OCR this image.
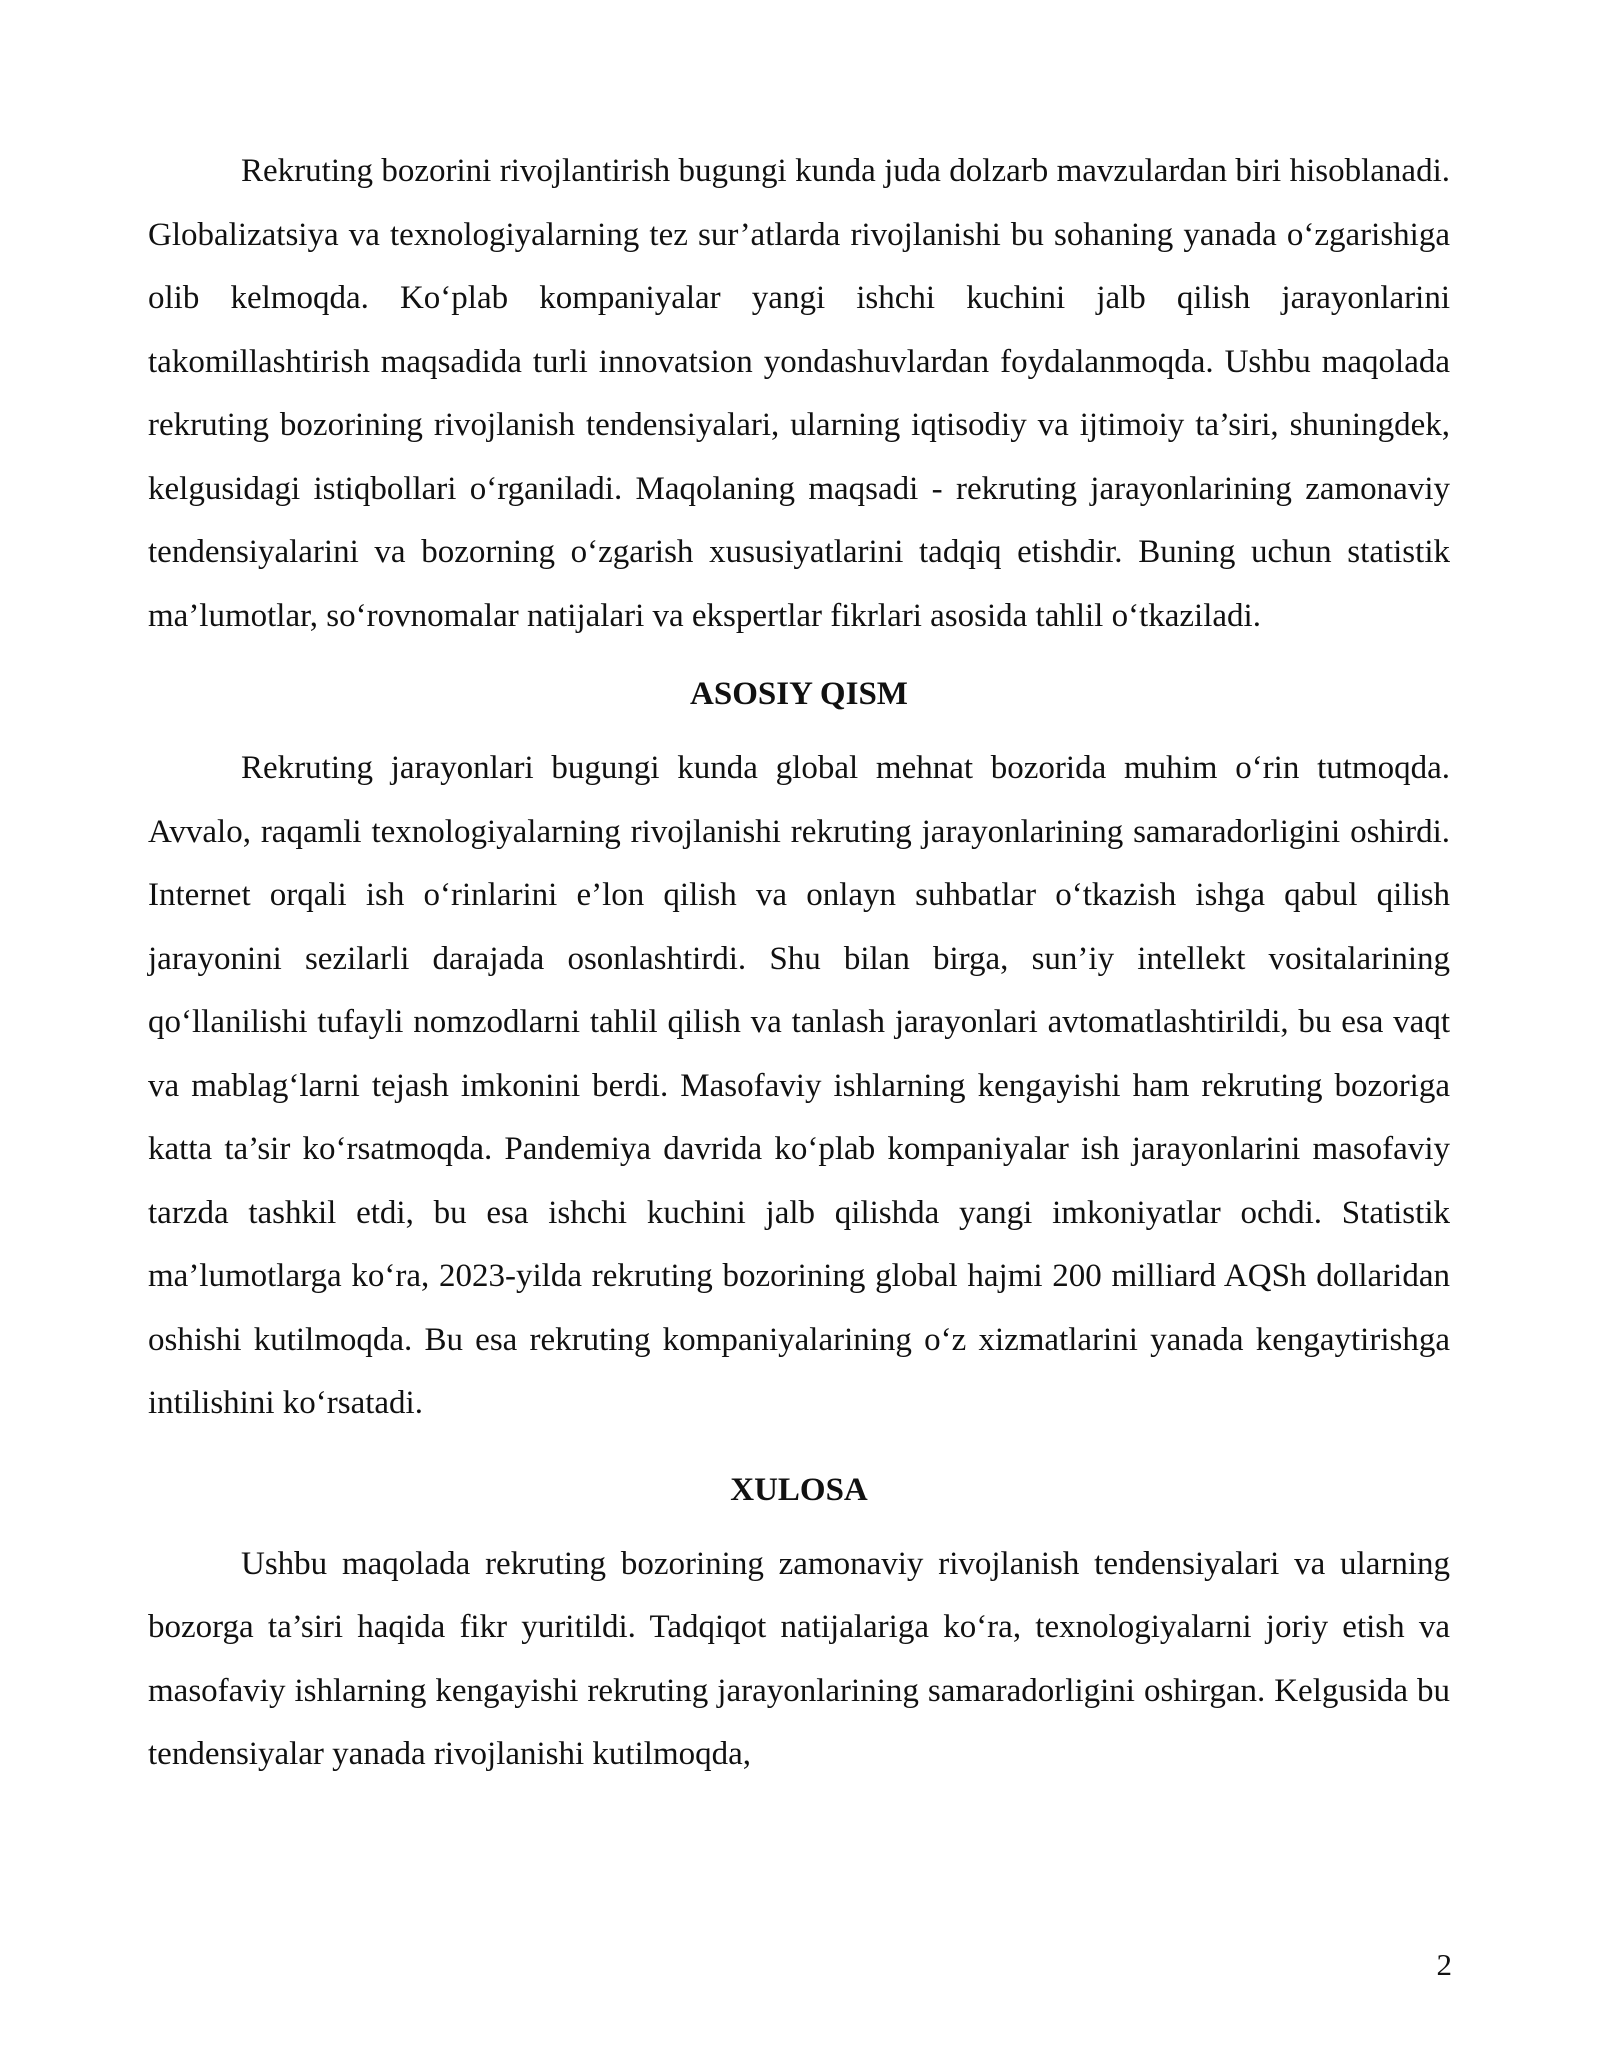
Rekruting bozorini rivojlantirish bugungi kunda juda dolzarb mavzulardan biri hisoblanadi. Globalizatsiya va texnologiyalarning tez sur’atlarda rivojlanishi bu sohaning yanada o‘zgarishiga olib kelmoqda. Ko‘plab kompaniyalar yangi ishchi kuchini jalb qilish jarayonlarini takomillashtirish maqsadida turli innovatsion yondashuvlardan foydalanmoqda. Ushbu maqolada rekruting bozorining rivojlanish tendensiyalari, ularning iqtisodiy va ijtimoiy ta’siri, shuningdek, kelgusidagi istiqbollari o‘rganiladi. Maqolaning maqsadi - rekruting jarayonlarining zamonaviy tendensiyalarini va bozorning o‘zgarish xususiyatlarini tadqiq etishdir. Buning uchun statistik ma’lumotlar, so‘rovnomalar natijalari va ekspertlar fikrlari asosida tahlil o‘tkaziladi.

ASOSIY QISM

Rekruting jarayonlari bugungi kunda global mehnat bozorida muhim o‘rin tutmoqda. Avvalo, raqamli texnologiyalarning rivojlanishi rekruting jarayonlarining samaradorligini oshirdi. Internet orqali ish o‘rinlarini e’lon qilish va onlayn suhbatlar o‘tkazish ishga qabul qilish jarayonini sezilarli darajada osonlashtirdi. Shu bilan birga, sun’iy intellekt vositalarining qo‘llanilishi tufayli nomzodlarni tahlil qilish va tanlash jarayonlari avtomatlashtirildi, bu esa vaqt va mablag‘larni tejash imkonini berdi. Masofaviy ishlarning kengayishi ham rekruting bozoriga katta ta’sir ko‘rsatmoqda. Pandemiya davrida ko‘plab kompaniyalar ish jarayonlarini masofaviy tarzda tashkil etdi, bu esa ishchi kuchini jalb qilishda yangi imkoniyatlar ochdi. Statistik ma’lumotlarga ko‘ra, 2023-yilda rekruting bozorining global hajmi 200 milliard AQSh dollaridan oshishi kutilmoqda. Bu esa rekruting kompaniyalarining o‘z xizmatlarini yanada kengaytirishga intilishini ko‘rsatadi.

XULOSA

Ushbu maqolada rekruting bozorining zamonaviy rivojlanish tendensiyalari va ularning bozorga ta’siri haqida fikr yuritildi. Tadqiqot natijalariga ko‘ra, texnologiyalarni joriy etish va masofaviy ishlarning kengayishi rekruting jarayonlarining samaradorligini oshirgan. Kelgusida bu tendensiyalar yanada rivojlanishi kutilmoqda,

2
